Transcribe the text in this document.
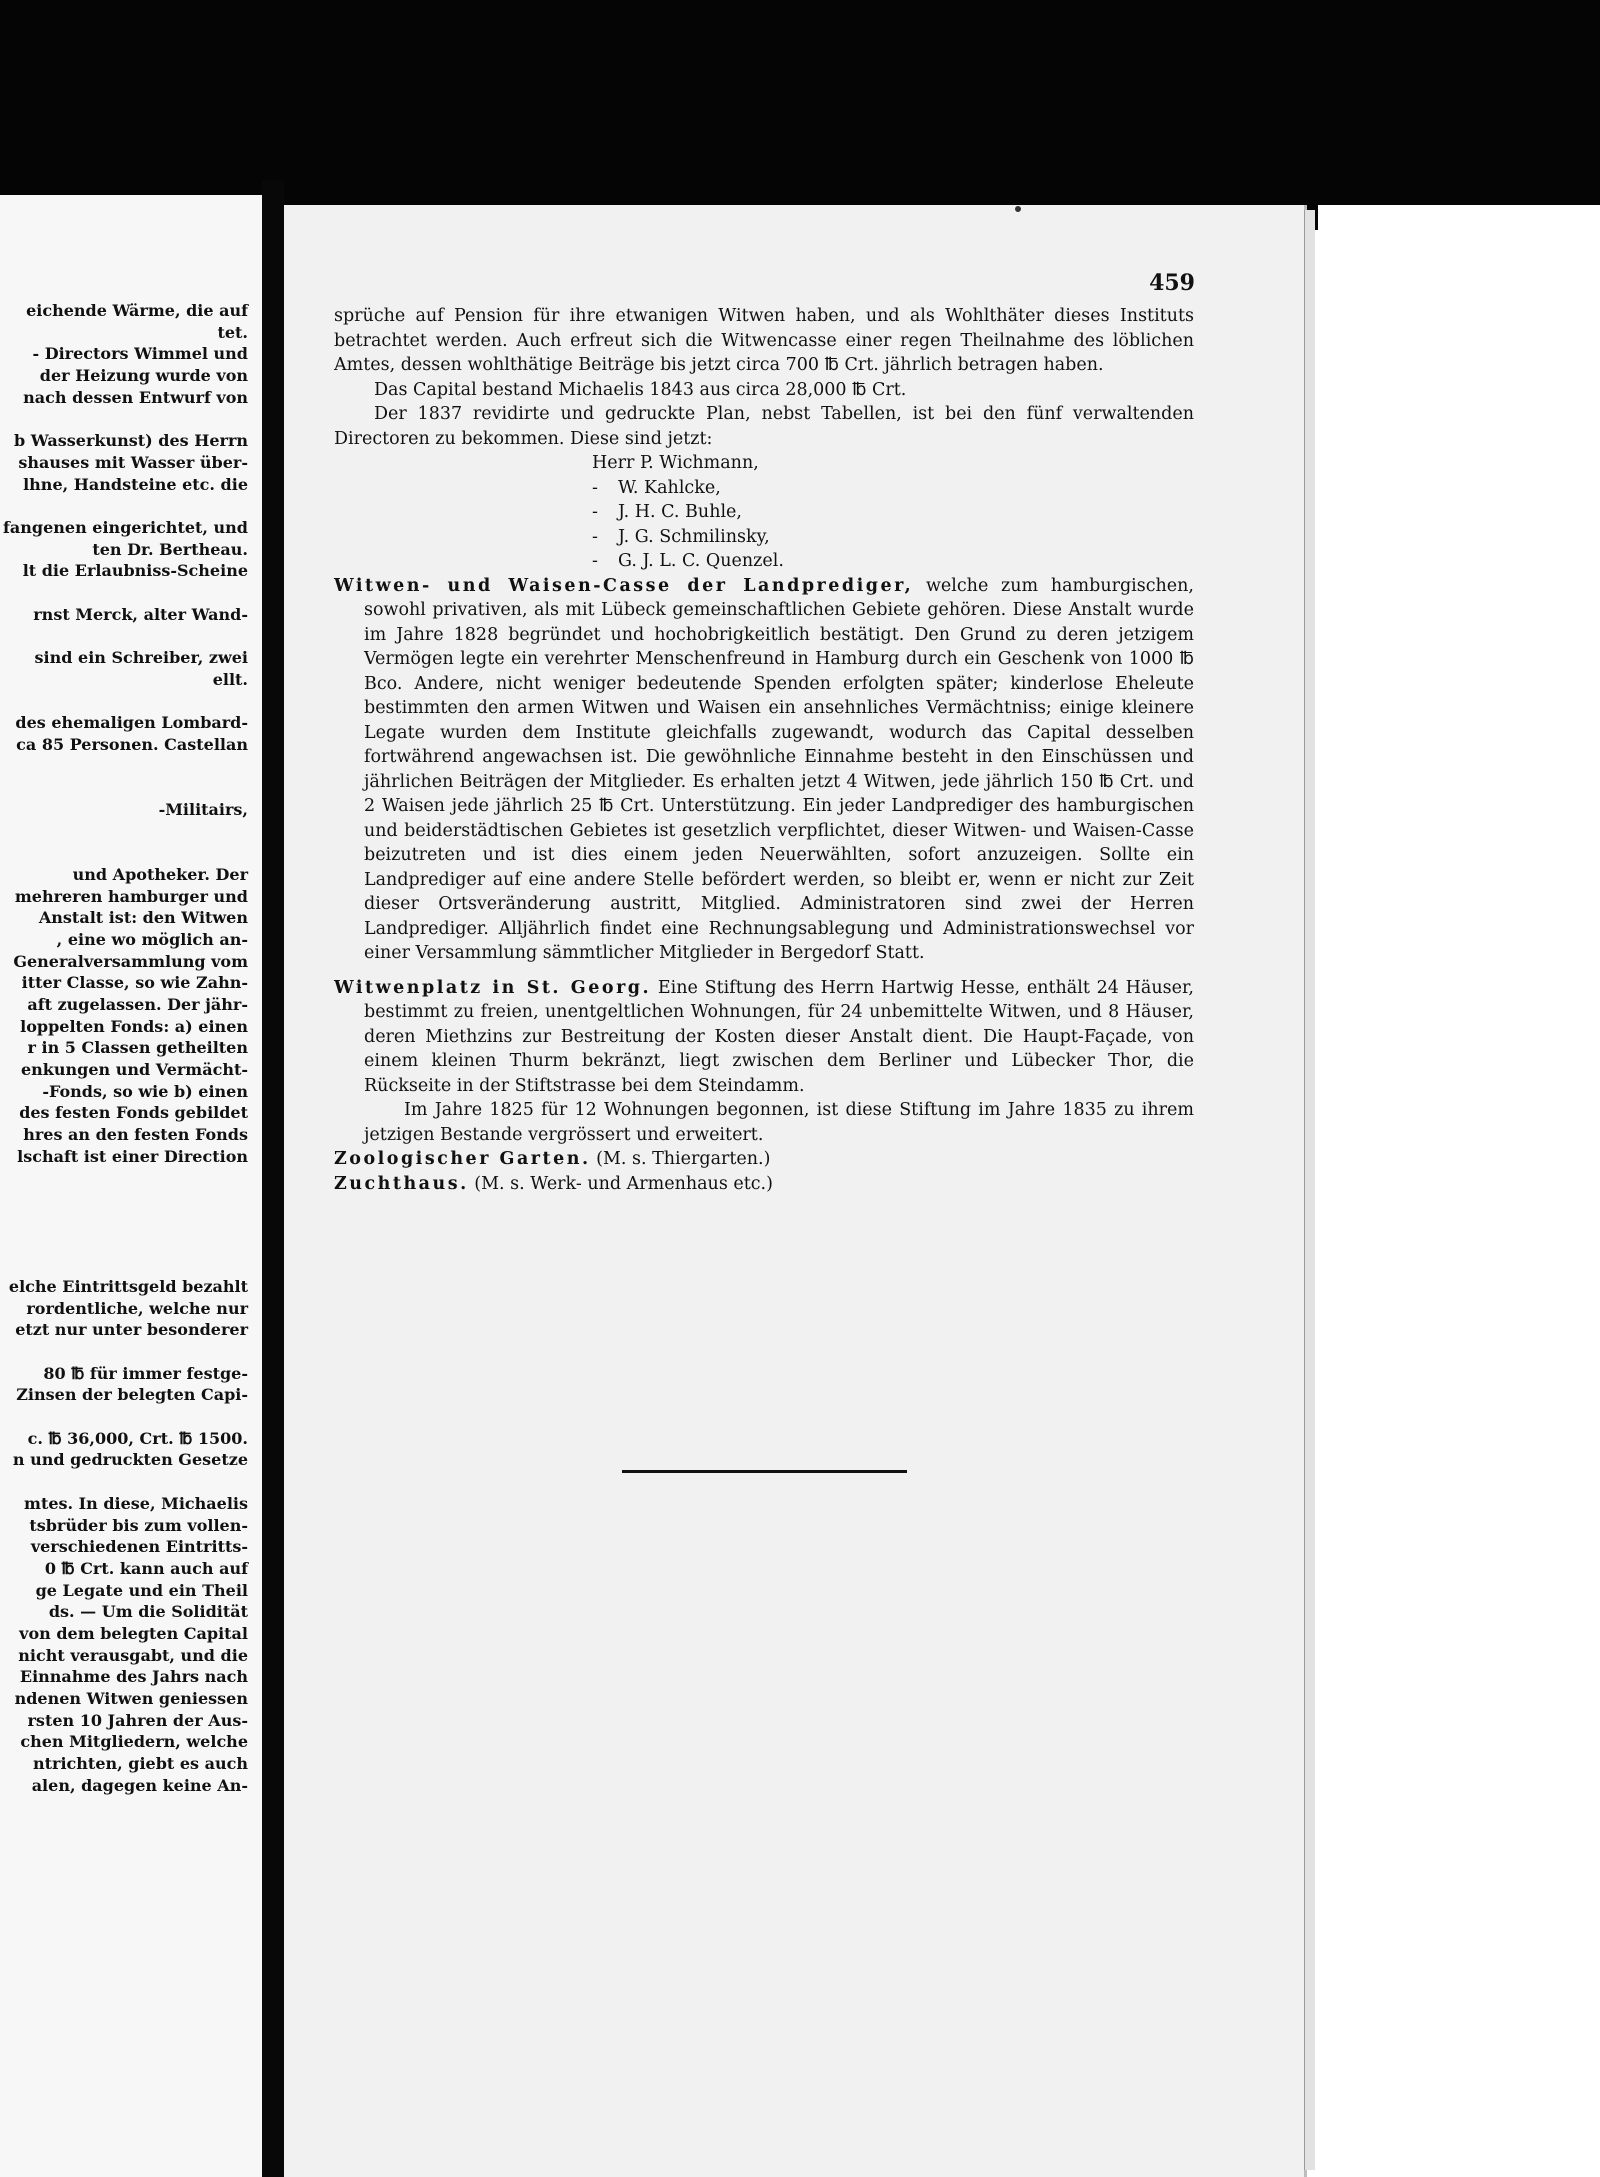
eichende Wärme, die auf
tet.
- Directors Wimmel und
der Heizung wurde von
nach dessen Entwurf von
b Wasserkunst) des Herrn
shauses mit Wasser über-
lhne, Handsteine etc. die
fangenen eingerichtet, und
ten Dr. Bertheau.
lt die Erlaubniss-Scheine
rnst Merck, alter Wand-
sind ein Schreiber, zwei
ellt.
des ehemaligen Lombard-
ca 85 Personen. Castellan
-Militairs,
und Apotheker. Der
mehreren hamburger und
Anstalt ist: den Witwen
, eine wo möglich an-
Generalversammlung vom
itter Classe, so wie Zahn-
aft zugelassen. Der jähr-
loppelten Fonds: a) einen
r in 5 Classen getheilten
enkungen und Vermächt-
-Fonds, so wie b) einen
des festen Fonds gebildet
hres an den festen Fonds
lschaft ist einer Direction
elche Eintrittsgeld bezahlt
rordentliche, welche nur
etzt nur unter besonderer
80 ℔ für immer festge-
Zinsen der belegten Capi-
c. ℔ 36,000, Crt. ℔ 1500.
n und gedruckten Gesetze
mtes. In diese, Michaelis
tsbrüder bis zum vollen-
verschiedenen Eintritts-
0 ℔ Crt. kann auch auf
ge Legate und ein Theil
ds. — Um die Solidität
von dem belegten Capital
nicht verausgabt, und die
Einnahme des Jahrs nach
ndenen Witwen geniessen
rsten 10 Jahren der Aus-
chen Mitgliedern, welche
ntrichten, giebt es auch
alen, dagegen keine An-
459

sprüche auf Pension für ihre etwanigen Witwen haben, und als Wohlthäter dieses Instituts betrachtet werden. Auch erfreut sich die Witwencasse einer regen Theilnahme des löblichen Amtes, dessen wohlthätige Beiträge bis jetzt circa 700 ℔ Crt. jährlich betragen haben.

Das Capital bestand Michaelis 1843 aus circa 28,000 ℔ Crt.

Der 1837 revidirte und gedruckte Plan, nebst Tabellen, ist bei den fünf verwaltenden Directoren zu bekommen. Diese sind jetzt:

Herr P. Wichmann,
- W. Kahlcke,
- J. H. C. Buhle,
- J. G. Schmilinsky,
- G. J. L. C. Quenzel.

Witwen- und Waisen-Casse der Landprediger, welche zum hamburgischen, sowohl privativen, als mit Lübeck gemeinschaftlichen Gebiete gehören. Diese Anstalt wurde im Jahre 1828 begründet und hochobrigkeitlich bestätigt. Den Grund zu deren jetzigem Vermögen legte ein verehrter Menschenfreund in Hamburg durch ein Geschenk von 1000 ℔ Bco. Andere, nicht weniger bedeutende Spenden erfolgten später; kinderlose Eheleute bestimmten den armen Witwen und Waisen ein ansehnliches Vermächtniss; einige kleinere Legate wurden dem Institute gleichfalls zugewandt, wodurch das Capital desselben fortwährend angewachsen ist. Die gewöhnliche Einnahme besteht in den Einschüssen und jährlichen Beiträgen der Mitglieder. Es erhalten jetzt 4 Witwen, jede jährlich 150 ℔ Crt. und 2 Waisen jede jährlich 25 ℔ Crt. Unterstützung. Ein jeder Landprediger des hamburgischen und beiderstädtischen Gebietes ist gesetzlich verpflichtet, dieser Witwen- und Waisen-Casse beizutreten und ist dies einem jeden Neuerwählten, sofort anzuzeigen. Sollte ein Landprediger auf eine andere Stelle befördert werden, so bleibt er, wenn er nicht zur Zeit dieser Ortsveränderung austritt, Mitglied. Administratoren sind zwei der Herren Landprediger. Alljährlich findet eine Rechnungsablegung und Administrationswechsel vor einer Versammlung sämmtlicher Mitglieder in Bergedorf Statt.

Witwenplatz in St. Georg. Eine Stiftung des Herrn Hartwig Hesse, enthält 24 Häuser, bestimmt zu freien, unentgeltlichen Wohnungen, für 24 unbemittelte Witwen, und 8 Häuser, deren Miethzins zur Bestreitung der Kosten dieser Anstalt dient. Die Haupt-Façade, von einem kleinen Thurm bekränzt, liegt zwischen dem Berliner und Lübecker Thor, die Rückseite in der Stiftstrasse bei dem Steindamm.

Im Jahre 1825 für 12 Wohnungen begonnen, ist diese Stiftung im Jahre 1835 zu ihrem jetzigen Bestande vergrössert und erweitert.

Zoologischer Garten. (M. s. Thiergarten.)

Zuchthaus. (M. s. Werk- und Armenhaus etc.)
